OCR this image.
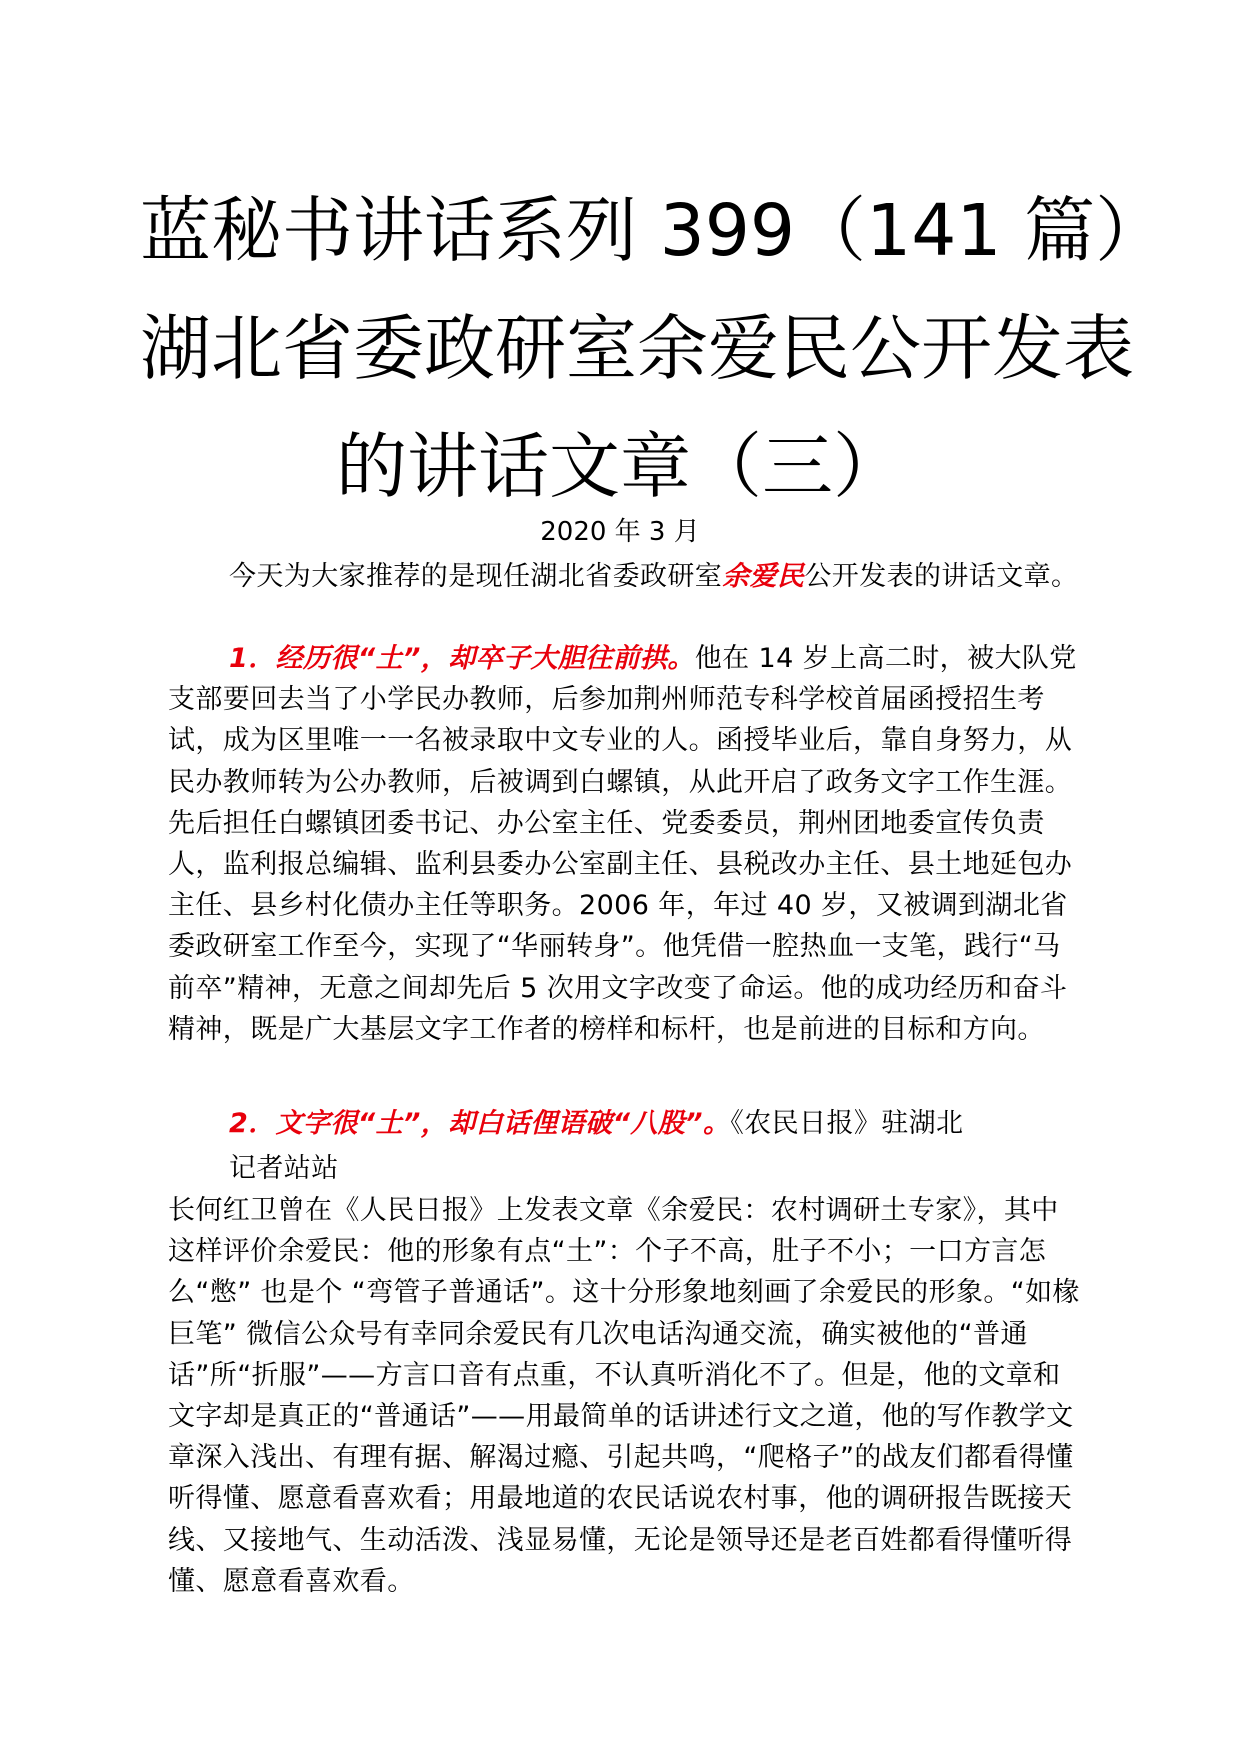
蓝秘书讲话系列 399（141 篇）

湖北省委政研室余爱民公开发表

的讲话文章（三）

2020 年 3 月

今天为大家推荐的是现任湖北省委政研室余爱民公开发表的讲话文章。

1．经历很“土”，却卒子大胆往前拱。他在 14 岁上高二时，被大队党支部要回去当了小学民办教师，后参加荆州师范专科学校首届函授招生考试，成为区里唯一一名被录取中文专业的人。函授毕业后，靠自身努力，从民办教师转为公办教师，后被调到白螺镇，从此开启了政务文字工作生涯。先后担任白螺镇团委书记、办公室主任、党委委员，荆州团地委宣传负责人，监利报总编辑、监利县委办公室副主任、县税改办主任、县土地延包办主任、县乡村化债办主任等职务。2006 年，年过 40 岁，又被调到湖北省委政研室工作至今，实现了“华丽转身”。他凭借一腔热血一支笔，践行“马前卒”精神，无意之间却先后 5 次用文字改变了命运。他的成功经历和奋斗精神，既是广大基层文字工作者的榜样和标杆，也是前进的目标和方向。

2．文字很“土”，却白话俚语破“八股”。《农民日报》驻湖北

记者站站

长何红卫曾在《人民日报》上发表文章《余爱民：农村调研土专家》，其中这样评价余爱民：他的形象有点“土”：个子不高，肚子不小；一口方言怎么“憋” 也是个 “弯管子普通话”。这十分形象地刻画了余爱民的形象。“如椽巨笔” 微信公众号有幸同余爱民有几次电话沟通交流，确实被他的“普通话”所“折服”——方言口音有点重，不认真听消化不了。但是，他的文章和文字却是真正的“普通话”——用最简单的话讲述行文之道，他的写作教学文章深入浅出、有理有据、解渴过瘾、引起共鸣，“爬格子”的战友们都看得懂听得懂、愿意看喜欢看；用最地道的农民话说农村事，他的调研报告既接天线、又接地气、生动活泼、浅显易懂，无论是领导还是老百姓都看得懂听得懂、愿意看喜欢看。
